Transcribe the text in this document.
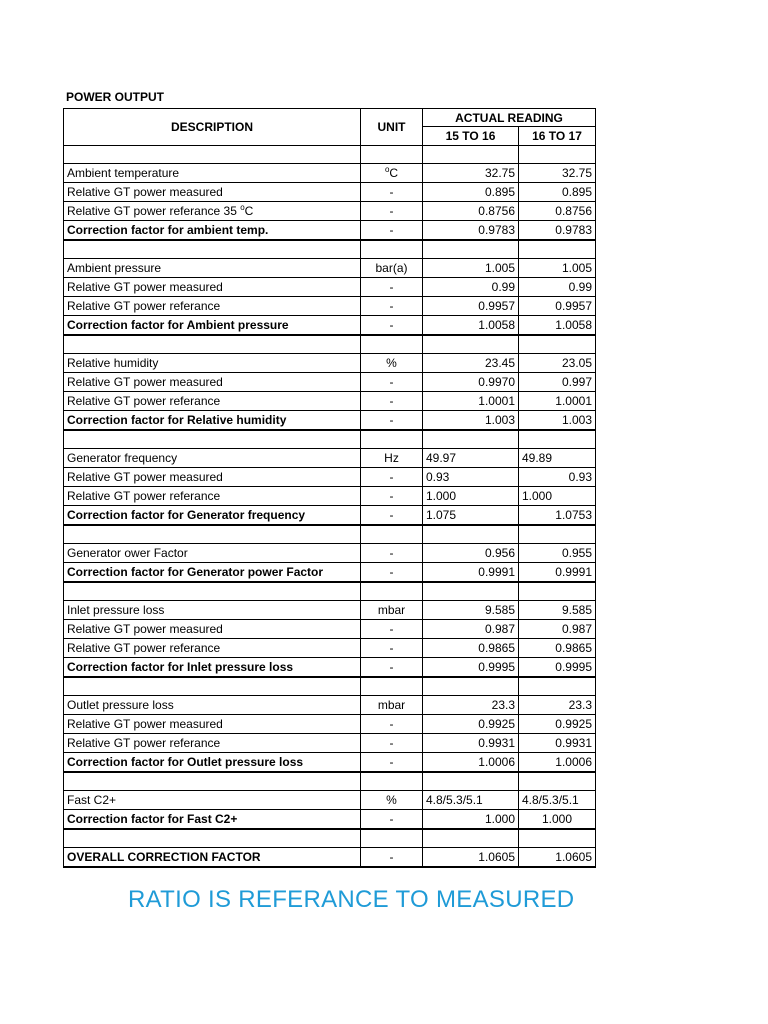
POWER OUTPUT
DESCRIPTION	UNIT	ACTUAL READING	
		15 TO 16	16 TO 17

Ambient temperature	$^o$C	32.75	32.75
Relative GT power measured	-	0.895	0.895
Relative GT power referance 35 $^o$C	-	0.8756	0.8756
Correction factor for ambient temp.	-	0.9783	0.9783

Ambient pressure	bar(a)	1.005	1.005
Relative GT power measured	-	0.99	0.99
Relative GT power referance	-	0.9957	0.9957
Correction factor for Ambient pressure	-	1.0058	1.0058

Relative humidity	%	23.45	23.05
Relative GT power measured	-	0.9970	0.997
Relative GT power referance	-	1.0001	1.0001
Correction factor for Relative humidity	-	1.003	1.003

Generator frequency	Hz	49.97	49.89
Relative GT power measured	-	0.93	0.93
Relative GT power referance	-	1.000	1.000
Correction factor for Generator frequency	-	1.075	1.0753

Generator ower Factor	-	0.956	0.955
Correction factor for Generator power Factor	-	0.9991	0.9991

Inlet pressure loss	mbar	9.585	9.585
Relative GT power measured	-	0.987	0.987
Relative GT power referance	-	0.9865	0.9865
Correction factor for Inlet pressure loss	-	0.9995	0.9995

Outlet pressure loss	mbar	23.3	23.3
Relative GT power measured	-	0.9925	0.9925
Relative GT power referance	-	0.9931	0.9931
Correction factor for Outlet pressure loss	-	1.0006	1.0006

Fast C2+	%	4.8/5.3/5.1	4.8/5.3/5.1
Correction factor for Fast C2+	-	1.000	1.000

OVERALL CORRECTION FACTOR	-	1.0605	1.0605
RATIO IS REFERANCE TO MEASURED
